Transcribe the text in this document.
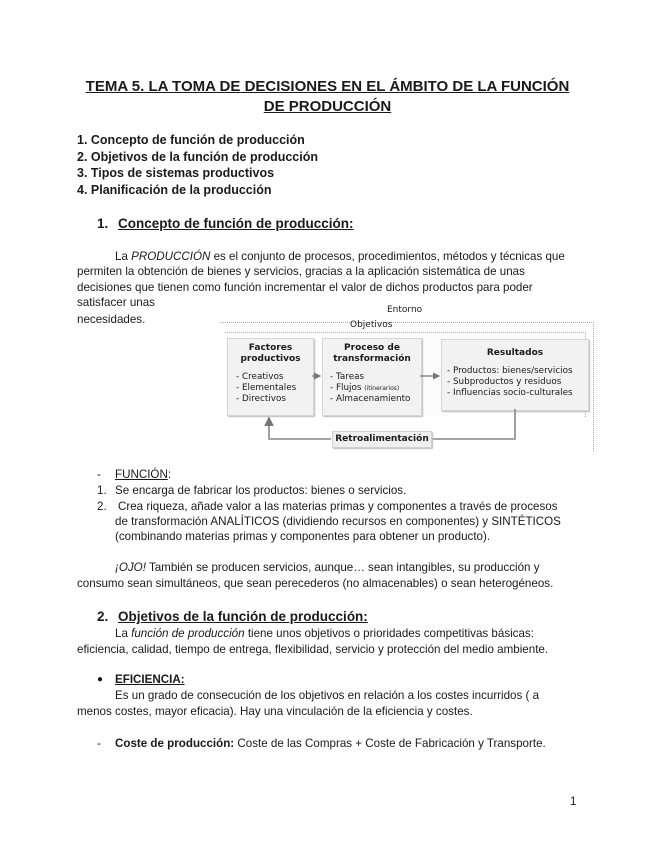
TEMA 5. LA TOMA DE DECISIONES EN EL ÁMBITO DE LA FUNCIÓN
DE PRODUCCIÓN
1. Concepto de función de producción
2. Objetivos de la función de producción
3. Tipos de sistemas productivos
4. Planificación de la producción
1. Concepto de función de producción:
La PRODUCCIÓN es el conjunto de procesos, procedimientos, métodos y técnicas que
permiten la obtención de bienes y servicios, gracias a la aplicación sistemática de unas
decisiones que tienen como función incrementar el valor de dichos productos para poder
satisfacer unas
necesidades.
Entorno
Objetivos
Factores
productivos
- Creativos
- Elementales
- Directivos
Proceso de
transformación
- Tareas
- Flujos (itinerarios)
- Almacenamiento
Resultados
- Productos: bienes/servicios
- Subproductos y residuos
- Influencias socio-culturales
Retroalimentación
- FUNCIÓN:
1. Se encarga de fabricar los productos: bienes o servicios.
2. Crea riqueza, añade valor a las materias primas y componentes a través de procesos
de transformación ANALÍTICOS (dividiendo recursos en componentes) y SINTÉTICOS
(combinando materias primas y componentes para obtener un producto).
¡OJO! También se producen servicios, aunque… sean intangibles, su producción y
consumo sean simultáneos, que sean perecederos (no almacenables) o sean heterogéneos.
2. Objetivos de la función de producción:
La función de producción tiene unos objetivos o prioridades competitivas básicas:
eficiencia, calidad, tiempo de entrega, flexibilidad, servicio y protección del medio ambiente.
● EFICIENCIA:
Es un grado de consecución de los objetivos en relación a los costes incurridos ( a
menos costes, mayor eficacia). Hay una vinculación de la eficiencia y costes.
- Coste de producción: Coste de las Compras + Coste de Fabricación y Transporte.
1
